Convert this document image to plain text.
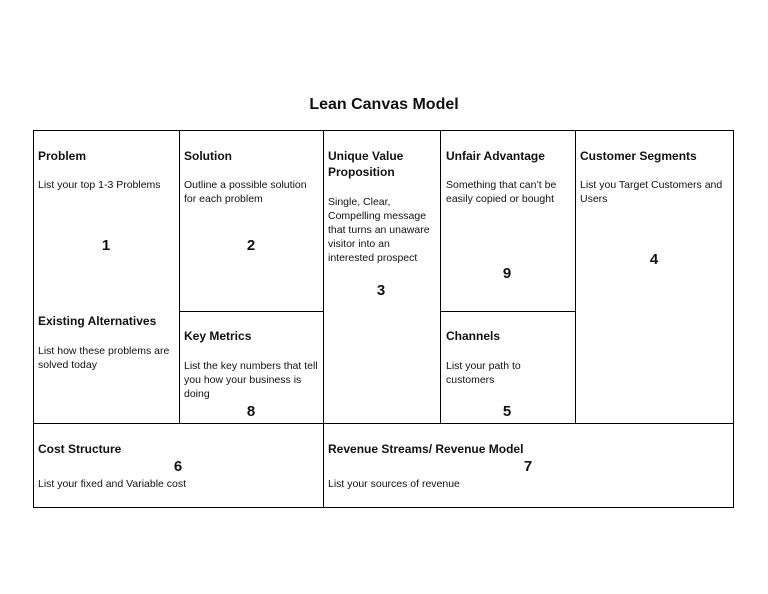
Lean Canvas Model
Problem
List your top 1-3 Problems
1
Existing Alternatives
List how these problems are solved today
Solution
Outline a possible solution for each problem
2
Key Metrics
List the key numbers that tell you how your business is doing
8
Unique Value Proposition
Single, Clear, Compelling message that turns an unaware visitor into an interested prospect
3
Unfair Advantage
Something that can’t be easily copied or bought
9
Channels
List your path to customers
5
Customer Segments
List you Target Customers and Users
4
Cost Structure
6
List your fixed and Variable cost
Revenue Streams/ Revenue Model
7
List your sources of revenue
